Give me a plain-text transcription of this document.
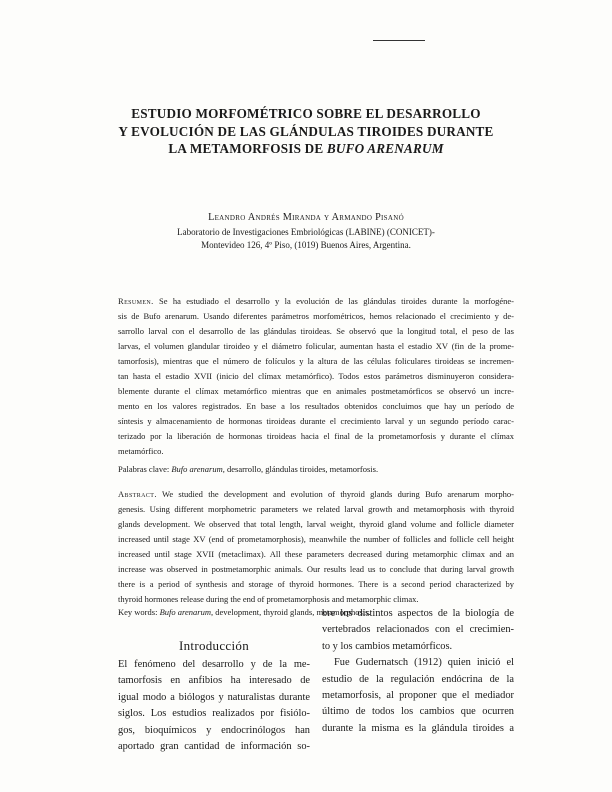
ESTUDIO MORFOMÉTRICO SOBRE EL DESARROLLO
Y EVOLUCIÓN DE LAS GLÁNDULAS TIROIDES DURANTE
LA METAMORFOSIS DE BUFO ARENARUM
Leandro Andrés Miranda y Armando Pisanó
Laboratorio de Investigaciones Embriológicas (LABINE) (CONICET)-
Montevideo 126, 4º Piso, (1019) Buenos Aires, Argentina.
Resumen. Se ha estudiado el desarrollo y la evolución de las glándulas tiroides durante la morfogéne-
sis de Bufo arenarum. Usando diferentes parámetros morfométricos, hemos relacionado el crecimiento y de-
sarrollo larval con el desarrollo de las glándulas tiroideas. Se observó que la longitud total, el peso de las
larvas, el volumen glandular tiroideo y el diámetro folicular, aumentan hasta el estadio XV (fin de la prome-
tamorfosis), mientras que el número de folículos y la altura de las células foliculares tiroideas se incremen-
tan hasta el estadio XVII (inicio del clímax metamórfico). Todos estos parámetros disminuyeron considera-
blemente durante el clímax metamórfico mientras que en animales postmetamórficos se observó un incre-
mento en los valores registrados. En base a los resultados obtenidos concluimos que hay un período de
síntesis y almacenamiento de hormonas tiroideas durante el crecimiento larval y un segundo período carac-
terizado por la liberación de hormonas tiroideas hacia el final de la prometamorfosis y durante el clímax
metamórfico.
Palabras clave: Bufo arenarum, desarrollo, glándulas tiroides, metamorfosis.
Abstract. We studied the development and evolution of thyroid glands during Bufo arenarum morpho-
genesis. Using different morphometric parameters we related larval growth and metamorphosis with thyroid
glands development. We observed that total length, larval weight, thyroid gland volume and follicle diameter
increased until stage XV (end of prometamorphosis), meanwhile the number of follicles and follicle cell height
increased until stage XVII (metaclimax). All these parameters decreased during metamorphic climax and an
increase was observed in postmetamorphic animals. Our results lead us to conclude that during larval growth
there is a period of synthesis and storage of thyroid hormones. There is a second period characterized by
thyroid hormones release during the end of prometamorphosis and metamorphic climax.
Key words: Bufo arenarum, development, thyroid glands, metamorphosis.
Introducción
El fenómeno del desarrollo y de la me-
tamorfosis en anfibios ha interesado de
igual modo a biólogos y naturalistas durante
siglos. Los estudios realizados por fisiólo-
gos, bioquímicos y endocrinólogos han
aportado gran cantidad de información so-
bre los distintos aspectos de la biología de
vertebrados relacionados con el crecimien-
to y los cambios metamórficos.
Fue Gudernatsch (1912) quien inició el
estudio de la regulación endócrina de la
metamorfosis, al proponer que el mediador
último de todos los cambios que ocurren
durante la misma es la glándula tiroides a
